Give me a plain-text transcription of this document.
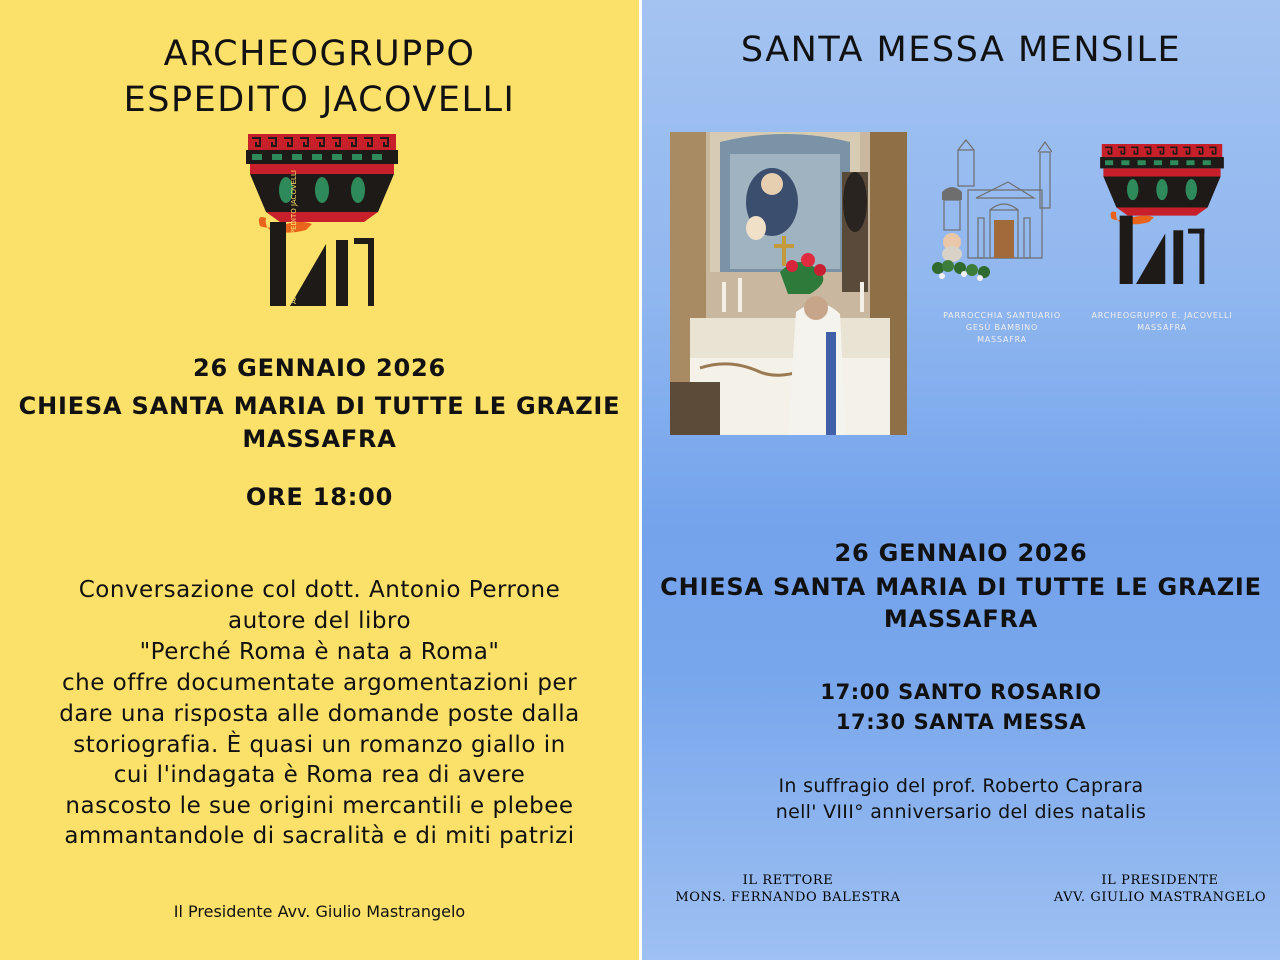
ARCHEOGRUPPO
ESPEDITO JACOVELLI
ARCHEOGRUPPO ESPEDITO JACOVELLI
26 GENNAIO 2026
CHIESA SANTA MARIA DI TUTTE LE GRAZIE
MASSAFRA
ORE 18:00
Conversazione col dott. Antonio Perrone
autore del libro
"Perché Roma è nata a Roma"
che offre documentate argomentazioni per
dare una risposta alle domande poste dalla
storiografia. È quasi un romanzo giallo in
cui l'indagata è Roma rea di avere
nascosto le sue origini mercantili e plebee
ammantandole di sacralità e di miti patrizi
Il Presidente Avv. Giulio Mastrangelo
SANTA MESSA MENSILE
PARROCCHIA SANTUARIO
GESÙ BAMBINO
MASSAFRA
ARCHEOGRUPPO E. JACOVELLI
MASSAFRA
26 GENNAIO 2026
CHIESA SANTA MARIA DI TUTTE LE GRAZIE
MASSAFRA
17:00 SANTO ROSARIO
17:30 SANTA MESSA
In suffragio del prof. Roberto Caprara
nell' VIII° anniversario del dies natalis
IL RETTORE
MONS. FERNANDO BALESTRA
IL PRESIDENTE
AVV. GIULIO MASTRANGELO
